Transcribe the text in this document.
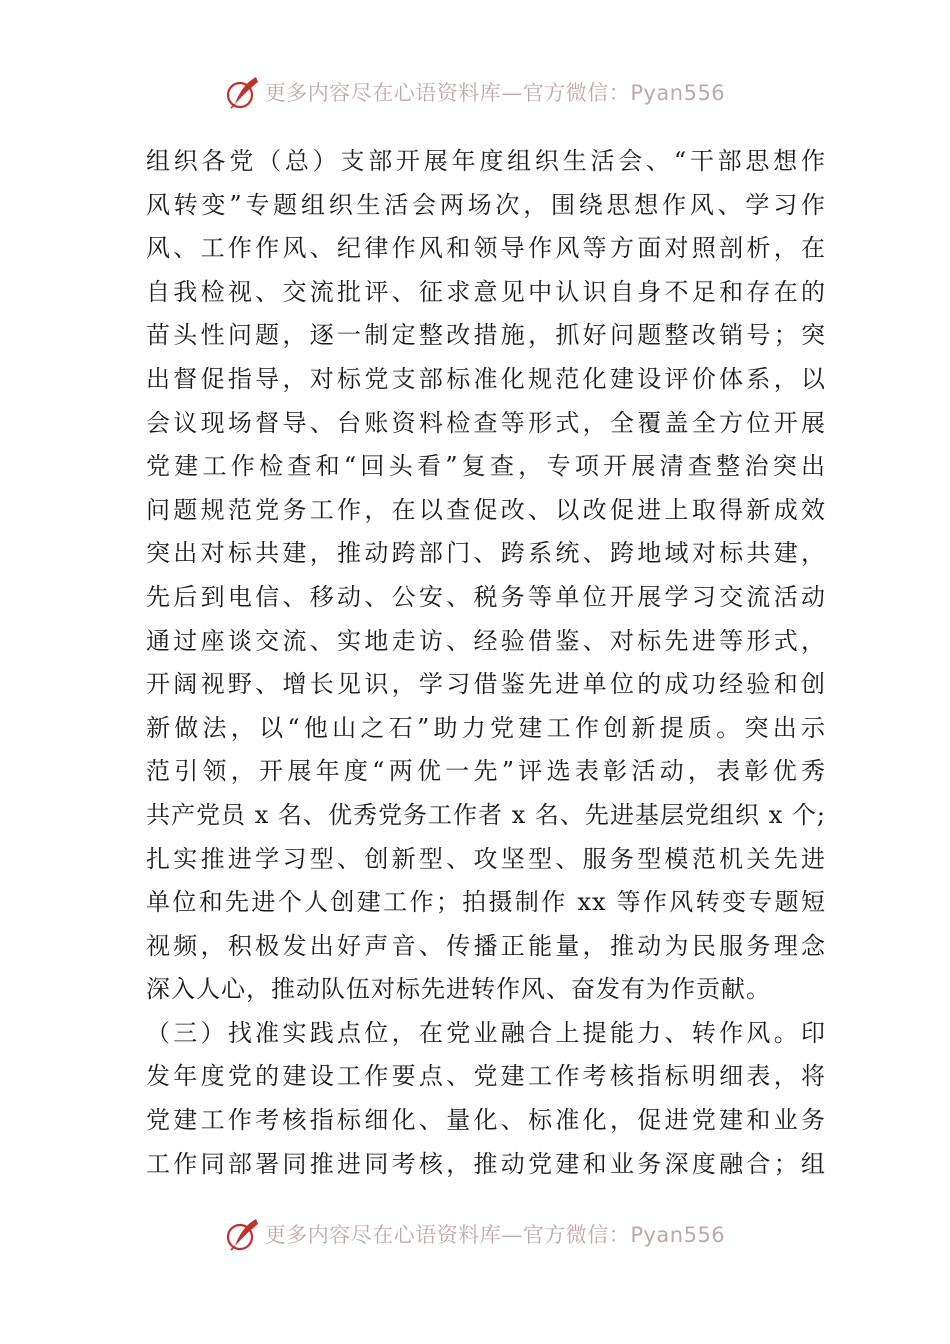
更多内容尽在心语资料库—官方微信：Pyan556
组织各党（总）支部开展年度组织生活会、“干部思想作
风转变”专题组织生活会两场次，围绕思想作风、学习作
风、工作作风、纪律作风和领导作风等方面对照剖析，在
自我检视、交流批评、征求意见中认识自身不足和存在的
苗头性问题，逐一制定整改措施，抓好问题整改销号；突
出督促指导，对标党支部标准化规范化建设评价体系，以
会议现场督导、台账资料检查等形式，全覆盖全方位开展
党建工作检查和“回头看”复查，专项开展清查整治突出
问题规范党务工作，在以查促改、以改促进上取得新成效
突出对标共建，推动跨部门、跨系统、跨地域对标共建，
先后到电信、移动、公安、税务等单位开展学习交流活动
通过座谈交流、实地走访、经验借鉴、对标先进等形式，
开阔视野、增长见识，学习借鉴先进单位的成功经验和创
新做法，以“他山之石”助力党建工作创新提质。突出示
范引领，开展年度“两优一先”评选表彰活动，表彰优秀
共产党员 x 名、优秀党务工作者 x 名、先进基层党组织 x 个;
扎实推进学习型、创新型、攻坚型、服务型模范机关先进
单位和先进个人创建工作；拍摄制作 xx 等作风转变专题短
视频，积极发出好声音、传播正能量，推动为民服务理念
深入人心，推动队伍对标先进转作风、奋发有为作贡献。
（三）找准实践点位，在党业融合上提能力、转作风。印
发年度党的建设工作要点、党建工作考核指标明细表，将
党建工作考核指标细化、量化、标准化，促进党建和业务
工作同部署同推进同考核，推动党建和业务深度融合；组
更多内容尽在心语资料库—官方微信：Pyan556
